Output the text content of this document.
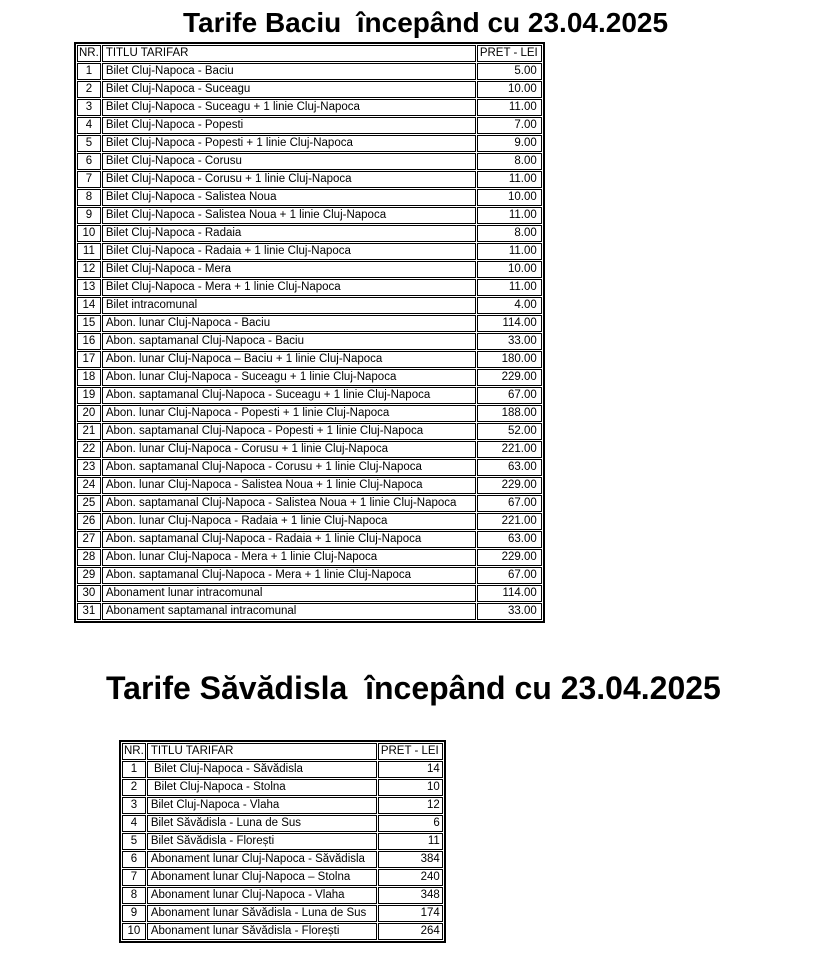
Tarife Baciu  începând cu 23.04.2025
NR.	TITLU TARIFAR	PRET - LEI
1	Bilet Cluj-Napoca - Baciu	5.00
2	Bilet Cluj-Napoca - Suceagu	10.00
3	Bilet Cluj-Napoca - Suceagu + 1 linie Cluj-Napoca	11.00
4	Bilet Cluj-Napoca - Popesti	7.00
5	Bilet Cluj-Napoca - Popesti + 1 linie Cluj-Napoca	9.00
6	Bilet Cluj-Napoca - Corusu	8.00
7	Bilet Cluj-Napoca - Corusu + 1 linie Cluj-Napoca	11.00
8	Bilet Cluj-Napoca - Salistea Noua	10.00
9	Bilet Cluj-Napoca - Salistea Noua + 1 linie Cluj-Napoca	11.00
10	Bilet Cluj-Napoca - Radaia	8.00
11	Bilet Cluj-Napoca - Radaia + 1 linie Cluj-Napoca	11.00
12	Bilet Cluj-Napoca - Mera	10.00
13	Bilet Cluj-Napoca - Mera + 1 linie Cluj-Napoca	11.00
14	Bilet intracomunal	4.00
15	Abon. lunar Cluj-Napoca - Baciu	114.00
16	Abon. saptamanal Cluj-Napoca - Baciu	33.00
17	Abon. lunar Cluj-Napoca – Baciu + 1 linie Cluj-Napoca	180.00
18	Abon. lunar Cluj-Napoca - Suceagu + 1 linie Cluj-Napoca	229.00
19	Abon. saptamanal Cluj-Napoca - Suceagu + 1 linie Cluj-Napoca	67.00
20	Abon. lunar Cluj-Napoca - Popesti + 1 linie Cluj-Napoca	188.00
21	Abon. saptamanal Cluj-Napoca - Popesti + 1 linie Cluj-Napoca	52.00
22	Abon. lunar Cluj-Napoca - Corusu + 1 linie Cluj-Napoca	221.00
23	Abon. saptamanal Cluj-Napoca - Corusu + 1 linie Cluj-Napoca	63.00
24	Abon. lunar Cluj-Napoca - Salistea Noua + 1 linie Cluj-Napoca	229.00
25	Abon. saptamanal Cluj-Napoca - Salistea Noua + 1 linie Cluj-Napoca	67.00
26	Abon. lunar Cluj-Napoca - Radaia + 1 linie Cluj-Napoca	221.00
27	Abon. saptamanal Cluj-Napoca - Radaia + 1 linie Cluj-Napoca	63.00
28	Abon. lunar Cluj-Napoca - Mera + 1 linie Cluj-Napoca	229.00
29	Abon. saptamanal Cluj-Napoca - Mera + 1 linie Cluj-Napoca	67.00
30	Abonament lunar intracomunal	114.00
31	Abonament saptamanal intracomunal	33.00
Tarife Săvădisla  începând cu 23.04.2025
NR.	TITLU TARIFAR	PRET - LEI
1	Bilet Cluj-Napoca - Săvădisla	14
2	Bilet Cluj-Napoca - Stolna	10
3	Bilet Cluj-Napoca - Vlaha	12
4	Bilet Săvădisla - Luna de Sus	6
5	Bilet Săvădisla - Florești	11
6	Abonament lunar Cluj-Napoca - Săvădisla	384
7	Abonament lunar Cluj-Napoca – Stolna	240
8	Abonament lunar Cluj-Napoca - Vlaha	348
9	Abonament lunar Săvădisla - Luna de Sus	174
10	Abonament lunar Săvădisla - Florești	264
